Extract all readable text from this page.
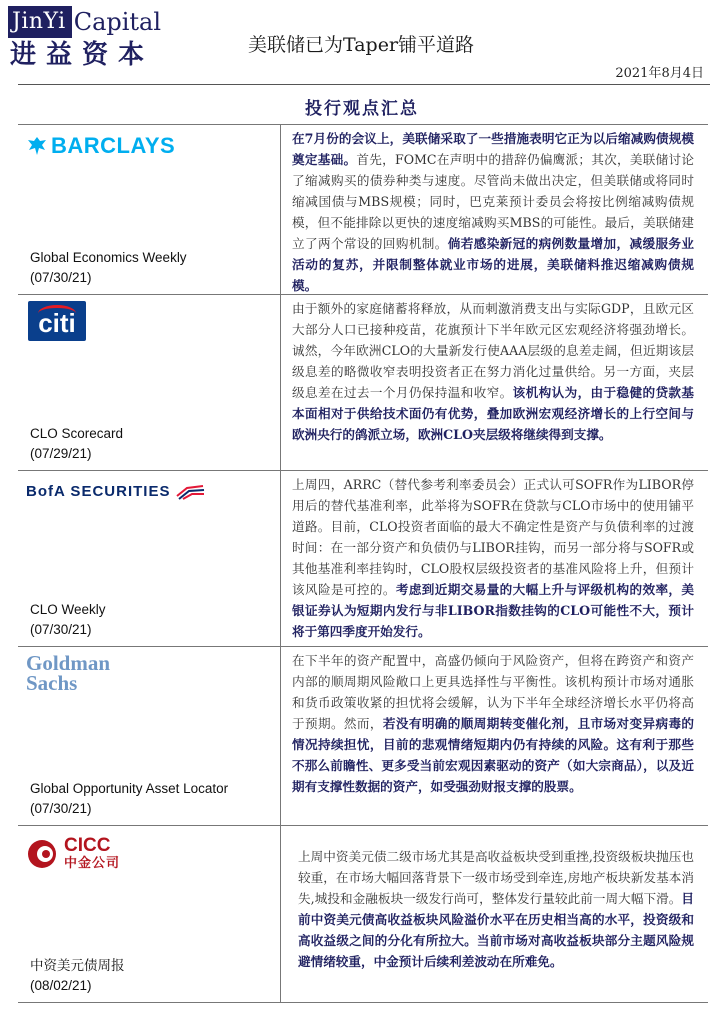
JinYi Capital
进益资本	美联储已为Taper铺平道路
2021年8月4日
投行观点汇总
BARCLAYS
Global Economics Weekly
(07/30/21)
在7月份的会议上，美联储采取了一些措施表明它正为以后缩减购债规模奠定基础。首先，FOMC在声明中的措辞仍偏鹰派；其次，美联储讨论了缩减购买的债券种类与速度。尽管尚未做出决定，但美联储或将同时缩减国债与MBS规模；同时，巴克莱预计委员会将按比例缩减购债规模，但不能排除以更快的速度缩减购买MBS的可能性。最后，美联储建立了两个常设的回购机制。倘若感染新冠的病例数量增加，减缓服务业活动的复苏，并限制整体就业市场的进展，美联储料推迟缩减购债规模。
citi
CLO Scorecard
(07/29/21)
由于额外的家庭储蓄将释放，从而刺激消费支出与实际GDP，且欧元区大部分人口已接种疫苗，花旗预计下半年欧元区宏观经济将强劲增长。诚然，今年欧洲CLO的大量新发行使AAA层级的息差走阔，但近期该层级息差的略微收窄表明投资者正在努力消化过量供给。另一方面，夹层级息差在过去一个月仍保持温和收窄。该机构认为，由于稳健的贷款基本面相对于供给技术面仍有优势，叠加欧洲宏观经济增长的上行空间与欧洲央行的鸽派立场，欧洲CLO夹层级将继续得到支撑。
BofA SECURITIES
CLO Weekly
(07/30/21)
上周四，ARRC（替代参考利率委员会）正式认可SOFR作为LIBOR停用后的替代基准利率，此举将为SOFR在贷款与CLO市场中的使用铺平道路。目前，CLO投资者面临的最大不确定性是资产与负债利率的过渡时间：在一部分资产和负债仍与LIBOR挂钩，而另一部分将与SOFR或其他基准利率挂钩时，CLO股权层级投资者的基准风险将上升，但预计该风险是可控的。考虑到近期交易量的大幅上升与评级机构的效率，美银证券认为短期内发行与非LIBOR指数挂钩的CLO可能性不大，预计将于第四季度开始发行。
Goldman Sachs
Global Opportunity Asset Locator
(07/30/21)
在下半年的资产配置中，高盛仍倾向于风险资产，但将在跨资产和资产内部的顺周期风险敞口上更具选择性与平衡性。该机构预计市场对通胀和货币政策收紧的担忧将会缓解，认为下半年全球经济增长水平仍将高于预期。然而，若没有明确的顺周期转变催化剂，且市场对变异病毒的情况持续担忧，目前的悲观情绪短期内仍有持续的风险。这有利于那些不那么前瞻性、更多受当前宏观因素驱动的资产（如大宗商品），以及近期有支撑性数据的资产，如受强劲财报支撑的股票。
CICC
中金公司
中资美元债周报
(08/02/21)
上周中资美元债二级市场尤其是高收益板块受到重挫,投资级板块抛压也较重，在市场大幅回落背景下一级市场受到牵连,房地产板块新发基本消失,城投和金融板块一级发行尚可，整体发行量较此前一周大幅下滑。目前中资美元债高收益板块风险溢价水平在历史相当高的水平，投资级和高收益级之间的分化有所拉大。当前市场对高收益板块部分主题风险规避情绪较重，中金预计后续利差波动在所难免。
